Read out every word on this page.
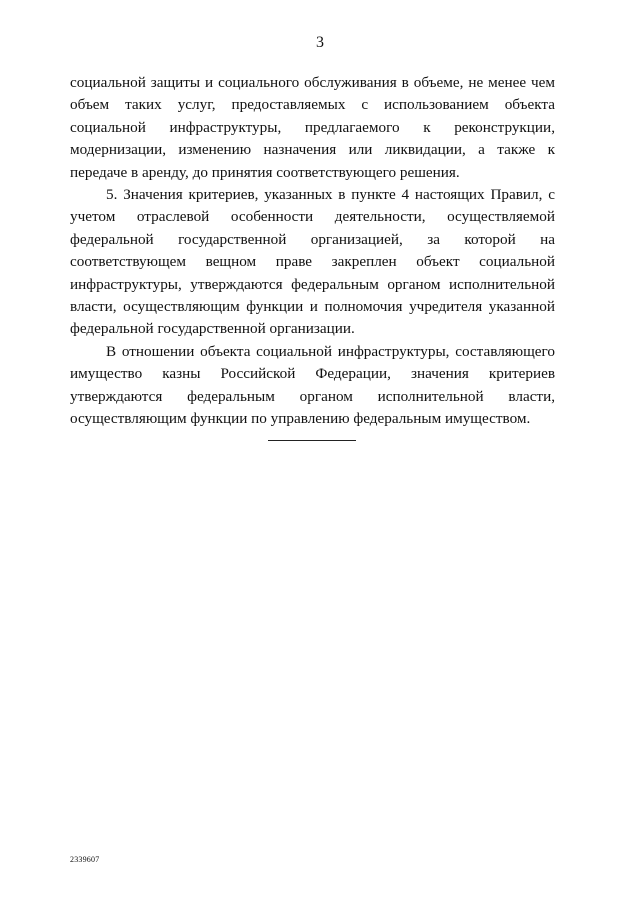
3

социальной защиты и социального обслуживания в объеме, не менее чем объем таких услуг, предоставляемых с использованием объекта социальной инфраструктуры, предлагаемого к реконструкции, модернизации, изменению назначения или ликвидации, а также к передаче в аренду, до принятия соответствующего решения.

5. Значения критериев, указанных в пункте 4 настоящих Правил, с учетом отраслевой особенности деятельности, осуществляемой федеральной государственной организацией, за которой на соответствующем вещном праве закреплен объект социальной инфраструктуры, утверждаются федеральным органом исполнительной власти, осуществляющим функции и полномочия учредителя указанной федеральной государственной организации.

В отношении объекта социальной инфраструктуры, составляющего имущество казны Российской Федерации, значения критериев утверждаются федеральным органом исполнительной власти, осуществляющим функции по управлению федеральным имуществом.

2339607
